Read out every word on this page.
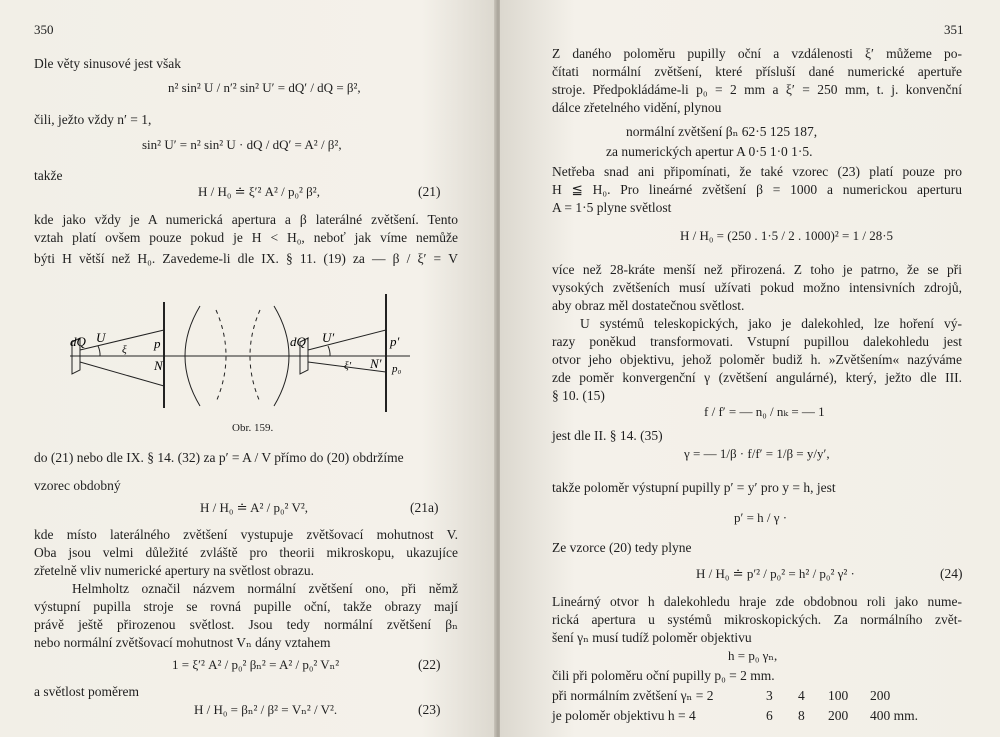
350
Dle věty sinusové jest však
n² sin² U / n′² sin² U′ = dQ′ / dQ = β²,
čili, ježto vždy n′ = 1,
sin² U′ = n² sin² U · dQ / dQ′ = A² / β²,
takže
H / H₀ ≐ ξ′² A² / p₀² β²,	(21)
kde jako vždy je A numerická apertura a β laterálné zvětšení. Tento
vztah platí ovšem pouze pokud je H < H₀, neboť jak víme nemůže
býti H větší než H₀. Zavedeme-li dle IX. § 11. (19) za — β / ξ′ = V
dQ U
ξ p
N
dQ′ U′
ξ′ N′
p′
p₀
Obr. 159.
do (21) nebo dle IX. § 14. (32) za p′ = A / V přímo do (20) obdržíme
vzorec obdobný
H / H₀ ≐ A² / p₀² V²,	(21a)
kde místo laterálného zvětšení vystupuje zvětšovací mohutnost V.
Oba jsou velmi důležité zvláště pro theorii mikroskopu, ukazujíce
zřetelně vliv numerické apertury na světlost obrazu.
Helmholtz označil názvem normální zvětšení ono, při němž
výstupní pupilla stroje se rovná pupille oční, takže obrazy mají
právě ještě přirozenou světlost. Jsou tedy normální zvětšení βₙ
nebo normální zvětšovací mohutnost Vₙ dány vztahem
1 = ξ′² A² / p₀² βₙ² = A² / p₀² Vₙ²	(22)
a světlost poměrem
H / H₀ = βₙ² / β² = Vₙ² / V².	(23)
351
Z daného poloměru pupilly oční a vzdálenosti ξ′ můžeme po-
čítati normální zvětšení, které přísluší dané numerické apertuře
stroje. Předpokládáme-li p₀ = 2 mm a ξ′ = 250 mm, t. j. konvenční
dálce zřetelného vidění, plynou
normální zvětšení βₙ 62·5 125 187,
za numerických apertur A 0·5 1·0 1·5.
Netřeba snad ani připomínati, že také vzorec (23) platí pouze pro
H ≦ H₀. Pro lineárné zvětšení β = 1000 a numerickou aperturu
A = 1·5 plyne světlost
H / H₀ = (250 . 1·5 / 2 . 1000)² = 1 / 28·5
více než 28-kráte menší než přirozená. Z toho je patrno, že se při
vysokých zvětšeních musí užívati pokud možno intensivních zdrojů,
aby obraz měl dostatečnou světlost.
U systémů teleskopických, jako je dalekohled, lze hoření vý-
razy poněkud transformovati. Vstupní pupillou dalekohledu jest
otvor jeho objektivu, jehož poloměr budiž h. »Zvětšením« nazýváme
zde poměr konvergenční γ (zvětšení angulárné), který, ježto dle III.
§ 10. (15)
f / f′ = — n₀ / nₖ = — 1
jest dle II. § 14. (35)
γ = — 1/β · f/f′ = 1/β = y/y′,
takže poloměr výstupní pupilly p′ = y′ pro y = h, jest
p′ = h / γ ·
Ze vzorce (20) tedy plyne
H / H₀ ≐ p′² / p₀² = h² / p₀² γ² ·	(24)
Lineárný otvor h dalekohledu hraje zde obdobnou roli jako nume-
rická apertura u systémů mikroskopických. Za normálního zvět-
šení γₙ musí tudíž poloměr objektivu
h = p₀ γₙ,
čili při poloměru oční pupilly p₀ = 2 mm.
při normálním zvětšení γₙ = 2	3 4 100 200
je poloměr objektivu h = 4	6 8 200 400 mm.
